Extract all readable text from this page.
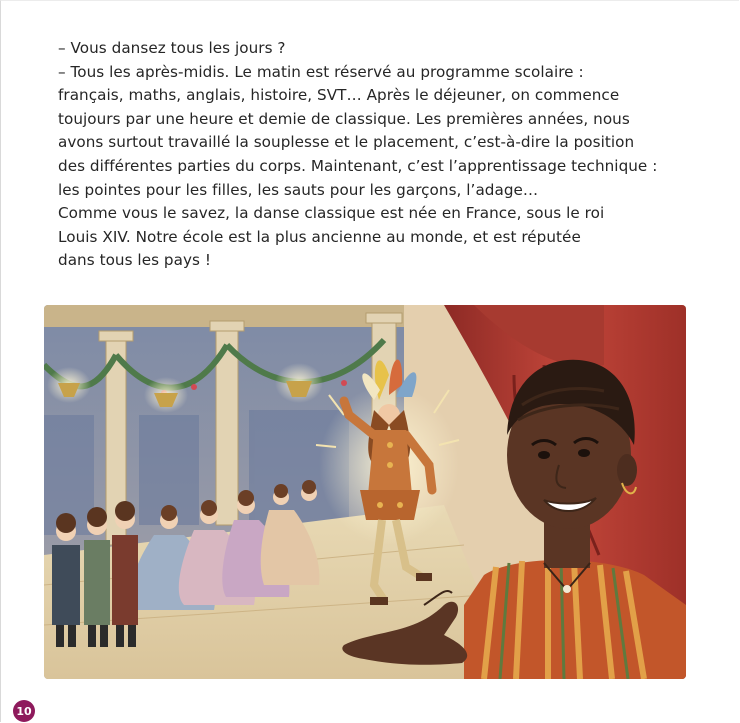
– Vous dansez tous les jours ?
– Tous les après-midis. Le matin est réservé au programme scolaire :
français, maths, anglais, histoire, SVT… Après le déjeuner, on commence
toujours par une heure et demie de classique. Les premières années, nous
avons surtout travaillé la souplesse et le placement, c’est-à-dire la position
des différentes parties du corps. Maintenant, c’est l’apprentissage technique :
les pointes pour les filles, les sauts pour les garçons, l’adage…
Comme vous le savez, la danse classique est née en France, sous le roi
Louis XIV. Notre école est la plus ancienne au monde, et est réputée
dans tous les pays !
10
